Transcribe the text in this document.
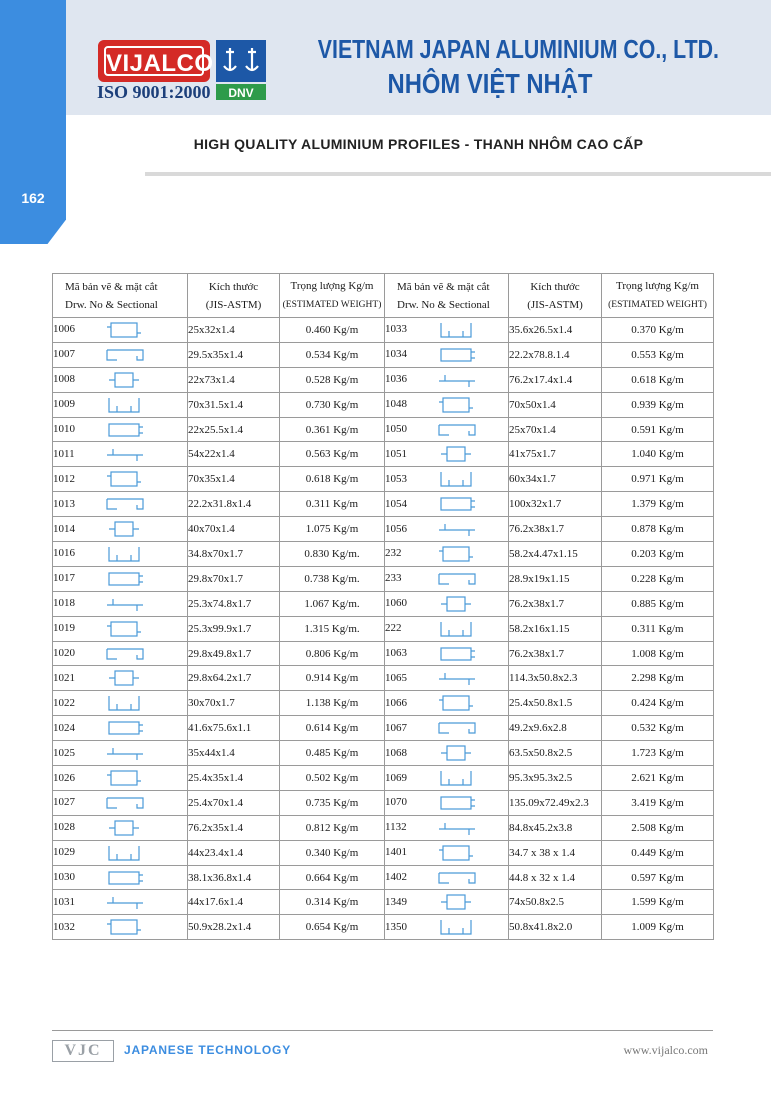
162
VIJALCO
ISO 9001:2000 DNV
VIETNAM JAPAN ALUMINIUM CO., LTD.
NHÔM VIỆT NHẬT
HIGH QUALITY ALUMINIUM PROFILES - THANH NHÔM CAO CẤP
Mã bản vẽ & mặt cắt
Drw. No & Sectional	Kích thước
(JIS-ASTM)	Trọng lượng Kg/m
(ESTIMATED WEIGHT)	Mã bản vẽ & mặt cắt
Drw. No & Sectional	Kích thước
(JIS-ASTM)	Trọng lượng Kg/m
(ESTIMATED WEIGHT)
1006	25x32x1.4	0.460 Kg/m	1033	35.6x26.5x1.4	0.370 Kg/m
1007	29.5x35x1.4	0.534 Kg/m	1034	22.2x78.8.1.4	0.553 Kg/m
1008	22x73x1.4	0.528 Kg/m	1036	76.2x17.4x1.4	0.618 Kg/m
1009	70x31.5x1.4	0.730 Kg/m	1048	70x50x1.4	0.939 Kg/m
1010	22x25.5x1.4	0.361 Kg/m	1050	25x70x1.4	0.591 Kg/m
1011	54x22x1.4	0.563 Kg/m	1051	41x75x1.7	1.040 Kg/m
1012	70x35x1.4	0.618 Kg/m	1053	60x34x1.7	0.971 Kg/m
1013	22.2x31.8x1.4	0.311 Kg/m	1054	100x32x1.7	1.379 Kg/m
1014	40x70x1.4	1.075 Kg/m	1056	76.2x38x1.7	0.878 Kg/m
1016	34.8x70x1.7	0.830 Kg/m.	232	58.2x4.47x1.15	0.203 Kg/m
1017	29.8x70x1.7	0.738 Kg/m.	233	28.9x19x1.15	0.228 Kg/m
1018	25.3x74.8x1.7	1.067 Kg/m.	1060	76.2x38x1.7	0.885 Kg/m
1019	25.3x99.9x1.7	1.315 Kg/m.	222	58.2x16x1.15	0.311 Kg/m
1020	29.8x49.8x1.7	0.806 Kg/m	1063	76.2x38x1.7	1.008 Kg/m
1021	29.8x64.2x1.7	0.914 Kg/m	1065	114.3x50.8x2.3	2.298 Kg/m
1022	30x70x1.7	1.138 Kg/m	1066	25.4x50.8x1.5	0.424 Kg/m
1024	41.6x75.6x1.1	0.614 Kg/m	1067	49.2x9.6x2.8	0.532 Kg/m
1025	35x44x1.4	0.485 Kg/m	1068	63.5x50.8x2.5	1.723 Kg/m
1026	25.4x35x1.4	0.502 Kg/m	1069	95.3x95.3x2.5	2.621 Kg/m
1027	25.4x70x1.4	0.735 Kg/m	1070	135.09x72.49x2.3	3.419 Kg/m
1028	76.2x35x1.4	0.812 Kg/m	1132	84.8x45.2x3.8	2.508 Kg/m
1029	44x23.4x1.4	0.340 Kg/m	1401	34.7 x 38 x 1.4	0.449 Kg/m
1030	38.1x36.8x1.4	0.664 Kg/m	1402	44.8 x 32 x 1.4	0.597 Kg/m
1031	44x17.6x1.4	0.314 Kg/m	1349	74x50.8x2.5	1.599 Kg/m
1032	50.9x28.2x1.4	0.654 Kg/m	1350	50.8x41.8x2.0	1.009 Kg/m
VJC	JAPANESE TECHNOLOGY	www.vijalco.com
